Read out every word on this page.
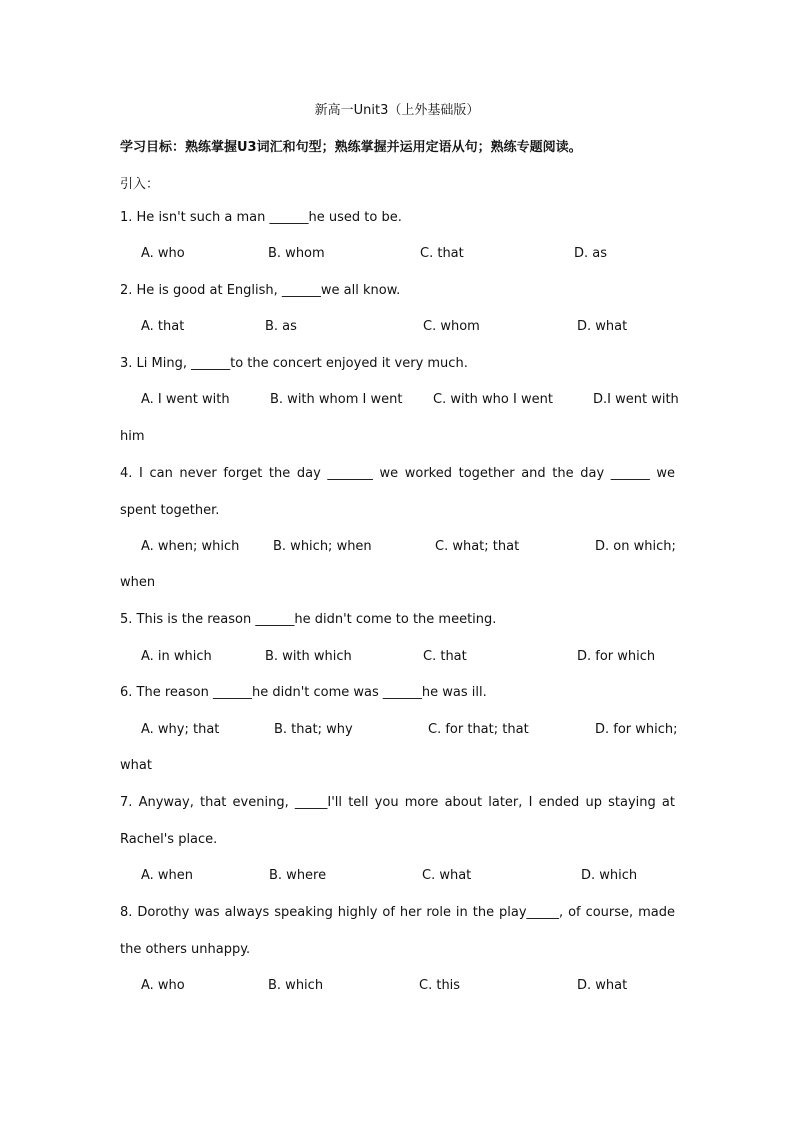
新高一Unit3（上外基础版）
学习目标：熟练掌握U3词汇和句型；熟练掌握并运用定语从句；熟练专题阅读。
引入：
1. He isn't such a man ______he used to be.
A. who	B. whom	C. that	D. as
2. He is good at English, ______we all know.
A. that	B. as	C. whom	D. what
3. Li Ming, ______to the concert enjoyed it very much.
A. I went with	B. with whom I went C. with who I went	D.I went with
him
4. I can never forget the day _______ we worked together and the day ______ we spent together.
A. when; which	B. which; when	C. what; that	D. on which;
when
5. This is the reason ______he didn't come to the meeting.
A. in which	B. with which	C. that	D. for which
6. The reason ______he didn't come was ______he was ill.
A. why; that	B. that; why	C. for that; that	D. for which;
what
7. Anyway, that evening, _____I'll tell you more about later, I ended up staying at Rachel's place.
A. when	B. where	C. what	D. which
8. Dorothy was always speaking highly of her role in the play_____, of course, made the others unhappy.
A. who	B. which	C. this	D. what
